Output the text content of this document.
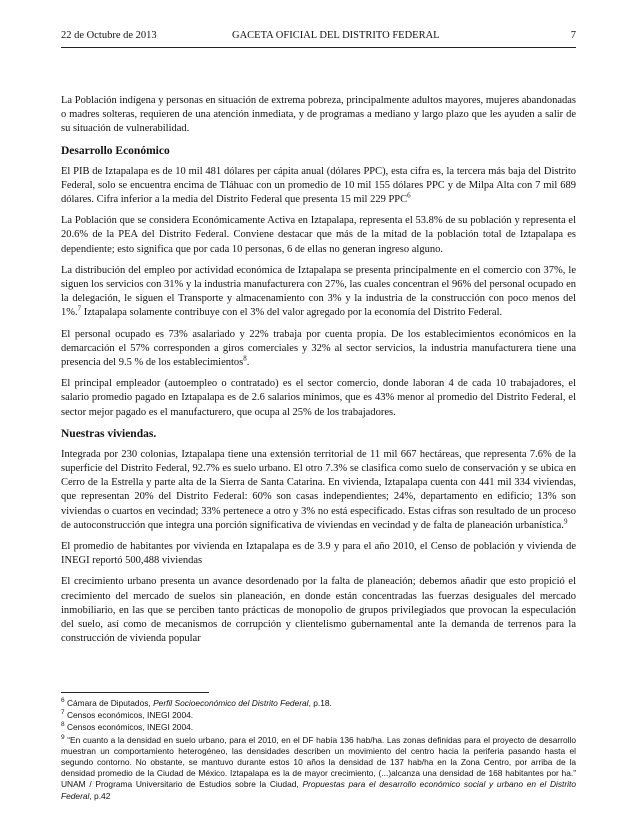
22 de Octubre de 2013	GACETA OFICIAL DEL DISTRITO FEDERAL	7

La Población indígena y personas en situación de extrema pobreza, principalmente adultos mayores, mujeres abandonadas o madres solteras, requieren de una atención inmediata, y de programas a mediano y largo plazo que les ayuden a salir de su situación de vulnerabilidad.

Desarrollo Económico

El PIB de Iztapalapa es de 10 mil 481 dólares per cápita anual (dólares PPC), esta cifra es, la tercera más baja del Distrito Federal, solo se encuentra encima de Tláhuac con un promedio de 10 mil 155 dólares PPC y de Milpa Alta con 7 mil 689 dólares. Cifra inferior a la media del Distrito Federal que presenta 15 mil 229 PPC$^6$

La Población que se considera Económicamente Activa en Iztapalapa, representa el 53.8% de su población y representa el 20.6% de la PEA del Distrito Federal. Conviene destacar que más de la mitad de la población total de Iztapalapa es dependiente; esto significa que por cada 10 personas, 6 de ellas no generan ingreso alguno.

La distribución del empleo por actividad económica de Iztapalapa se presenta principalmente en el comercio con 37%, le siguen los servicios con 31% y la industria manufacturera con 27%, las cuales concentran el 96% del personal ocupado en la delegación, le siguen el Transporte y almacenamiento con 3% y la industria de la construcción con poco menos del 1%.$^7$ Iztapalapa solamente contribuye con el 3% del valor agregado por la economía del Distrito Federal.

El personal ocupado es 73% asalariado y 22% trabaja por cuenta propia. De los establecimientos económicos en la demarcación el 57% corresponden a giros comerciales y 32% al sector servicios, la industria manufacturera tiene una presencia del 9.5 % de los establecimientos$^8$.

El principal empleador (autoempleo o contratado) es el sector comercio, donde laboran 4 de cada 10 trabajadores, el salario promedio pagado en Iztapalapa es de 2.6 salarios mínimos, que es 43% menor al promedio del Distrito Federal, el sector mejor pagado es el manufacturero, que ocupa al 25% de los trabajadores.

Nuestras viviendas.

Integrada por 230 colonias, Iztapalapa tiene una extensión territorial de 11 mil 667 hectáreas, que representa 7.6% de la superficie del Distrito Federal, 92.7% es suelo urbano. El otro 7.3% se clasifica como suelo de conservación y se ubica en Cerro de la Estrella y parte alta de la Sierra de Santa Catarina. En vivienda, Iztapalapa cuenta con 441 mil 334 viviendas, que representan 20% del Distrito Federal: 60% son casas independientes; 24%, departamento en edificio; 13% son viviendas o cuartos en vecindad; 33% pertenece a otro y 3% no está especificado. Estas cifras son resultado de un proceso de autoconstrucción que integra una porción significativa de viviendas en vecindad y de falta de planeación urbanística.$^9$

El promedio de habitantes por vivienda en Iztapalapa es de 3.9 y para el año 2010, el Censo de población y vivienda de INEGI reportó 500,488 viviendas

El crecimiento urbano presenta un avance desordenado por la falta de planeación; debemos añadir que esto propició el crecimiento del mercado de suelos sin planeación, en donde están concentradas las fuerzas desiguales del mercado inmobiliario, en las que se perciben tanto prácticas de monopolio de grupos privilegiados que provocan la especulación del suelo, así como de mecanismos de corrupción y clientelismo gubernamental ante la demanda de terrenos para la construcción de vivienda popular

$^6$ Cámara de Diputados, Perfil Socioeconómico del Distrito Federal, p.18.

$^7$ Censos económicos, INEGI 2004.

$^8$ Censos económicos, INEGI 2004.

$^9$ “En cuanto a la densidad en suelo urbano, para el 2010, en el DF había 136 hab/ha. Las zonas definidas para el proyecto de desarrollo muestran un comportamiento heterogéneo, las densidades describen un movimiento del centro hacia la periferia pasando hasta el segundo contorno. No obstante, se mantuvo durante estos 10 años la densidad de 137 hab/ha en la Zona Centro, por arriba de la densidad promedio de la Ciudad de México. Iztapalapa es la de mayor crecimiento, (...)alcanza una densidad de 168 habitantes por ha.” UNAM / Programa Universitario de Estudios sobre la Ciudad, Propuestas para el desarrollo económico social y urbano en el Distrito Federal, p.42
